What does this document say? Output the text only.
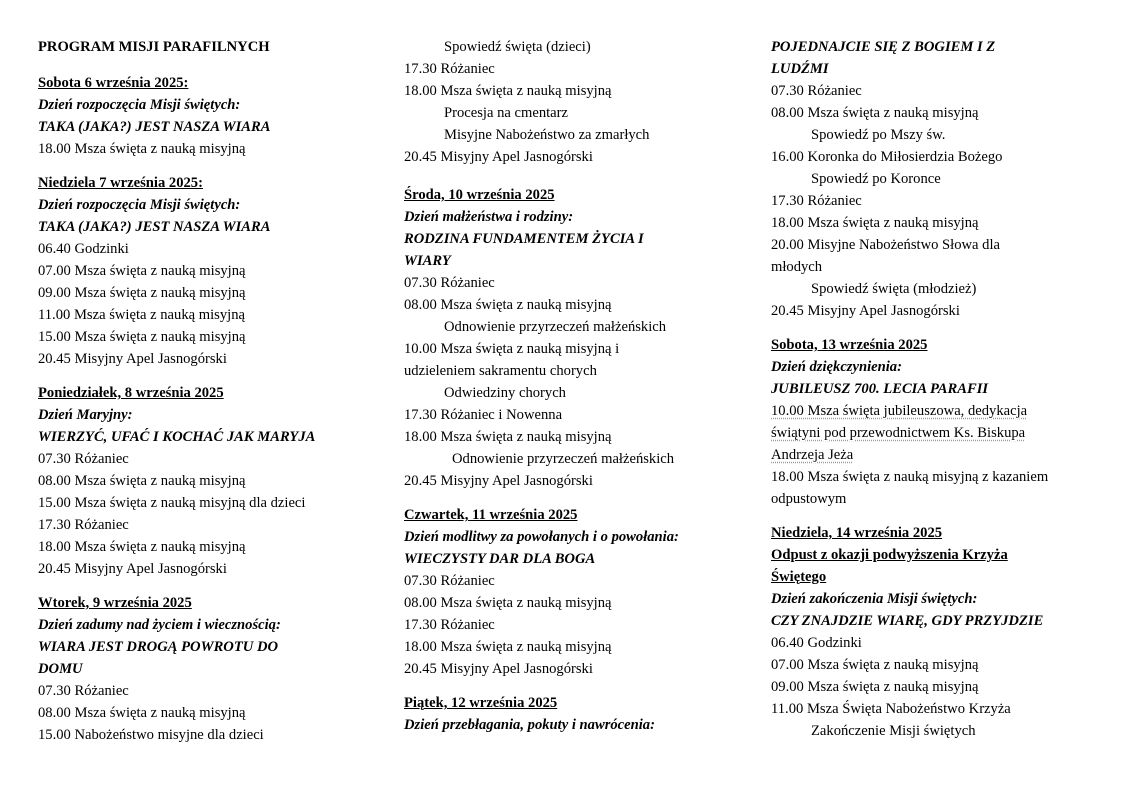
PROGRAM MISJI PARAFILNYCH
Sobota 6 września 2025:
Dzień rozpoczęcia Misji świętych:
TAKA (JAKA?) JEST NASZA WIARA
18.00 Msza święta z nauką misyjną
Niedziela 7 września 2025:
Dzień rozpoczęcia Misji świętych:
TAKA (JAKA?) JEST NASZA WIARA
06.40 Godzinki
07.00 Msza święta z nauką misyjną
09.00 Msza święta z nauką misyjną
11.00 Msza święta z nauką misyjną
15.00 Msza święta z nauką misyjną
20.45 Misyjny Apel Jasnogórski
Poniedziałek, 8 września 2025
Dzień Maryjny:
WIERZYĆ, UFAĆ I KOCHAĆ JAK MARYJA
07.30 Różaniec
08.00 Msza święta z nauką misyjną
15.00 Msza święta z nauką misyjną dla dzieci
17.30 Różaniec
18.00 Msza święta z nauką misyjną
20.45 Misyjny Apel Jasnogórski
Wtorek, 9 września 2025
Dzień zadumy nad życiem i wiecznością:
WIARA JEST DROGĄ POWROTU DO DOMU
07.30 Różaniec
08.00 Msza święta z nauką misyjną
15.00 Nabożeństwo misyjne dla dzieci
Spowiedź święta (dzieci)
17.30 Różaniec
18.00 Msza święta z nauką misyjną
Procesja na cmentarz
Misyjne Nabożeństwo za zmarłych
20.45 Misyjny Apel Jasnogórski
Środa, 10 września 2025
Dzień małżeństwa i rodziny:
RODZINA FUNDAMENTEM ŻYCIA I WIARY
07.30 Różaniec
08.00 Msza święta z nauką misyjną
Odnowienie przyrzeczeń małżeńskich
10.00 Msza święta z nauką misyjną i udzieleniem sakramentu chorych
Odwiedziny chorych
17.30 Różaniec i Nowenna
18.00 Msza święta z nauką misyjną
Odnowienie przyrzeczeń małżeńskich
20.45 Misyjny Apel Jasnogórski
Czwartek, 11 września 2025
Dzień modlitwy za powołanych i o powołania:
WIECZYSTY DAR DLA BOGA
07.30 Różaniec
08.00 Msza święta z nauką misyjną
17.30 Różaniec
18.00 Msza święta z nauką misyjną
20.45 Misyjny Apel Jasnogórski
Piątek, 12 września 2025
Dzień przebłagania, pokuty i nawrócenia:
POJEDNAJCIE SIĘ Z BOGIEM I Z LUDŹMI
07.30 Różaniec
08.00 Msza święta z nauką misyjną
Spowiedź po Mszy św.
16.00 Koronka do Miłosierdzia Bożego
Spowiedź po Koronce
17.30 Różaniec
18.00 Msza święta z nauką misyjną
20.00 Misyjne Nabożeństwo Słowa dla młodych
Spowiedź święta (młodzież)
20.45 Misyjny Apel Jasnogórski
Sobota, 13 września 2025
Dzień dziękczynienia:
JUBILEUSZ 700. LECIA PARAFII
10.00 Msza święta jubileuszowa, dedykacja świątyni pod przewodnictwem Ks. Biskupa Andrzeja Jeża
18.00 Msza święta z nauką misyjną z kazaniem odpustowym
Niedziela, 14 września 2025
Odpust z okazji podwyższenia Krzyża Świętego
Dzień zakończenia Misji świętych:
CZY ZNAJDZIE WIARĘ, GDY PRZYJDZIE
06.40 Godzinki
07.00 Msza święta z nauką misyjną
09.00 Msza święta z nauką misyjną
11.00 Msza Święta Nabożeństwo Krzyża
Zakończenie Misji świętych
